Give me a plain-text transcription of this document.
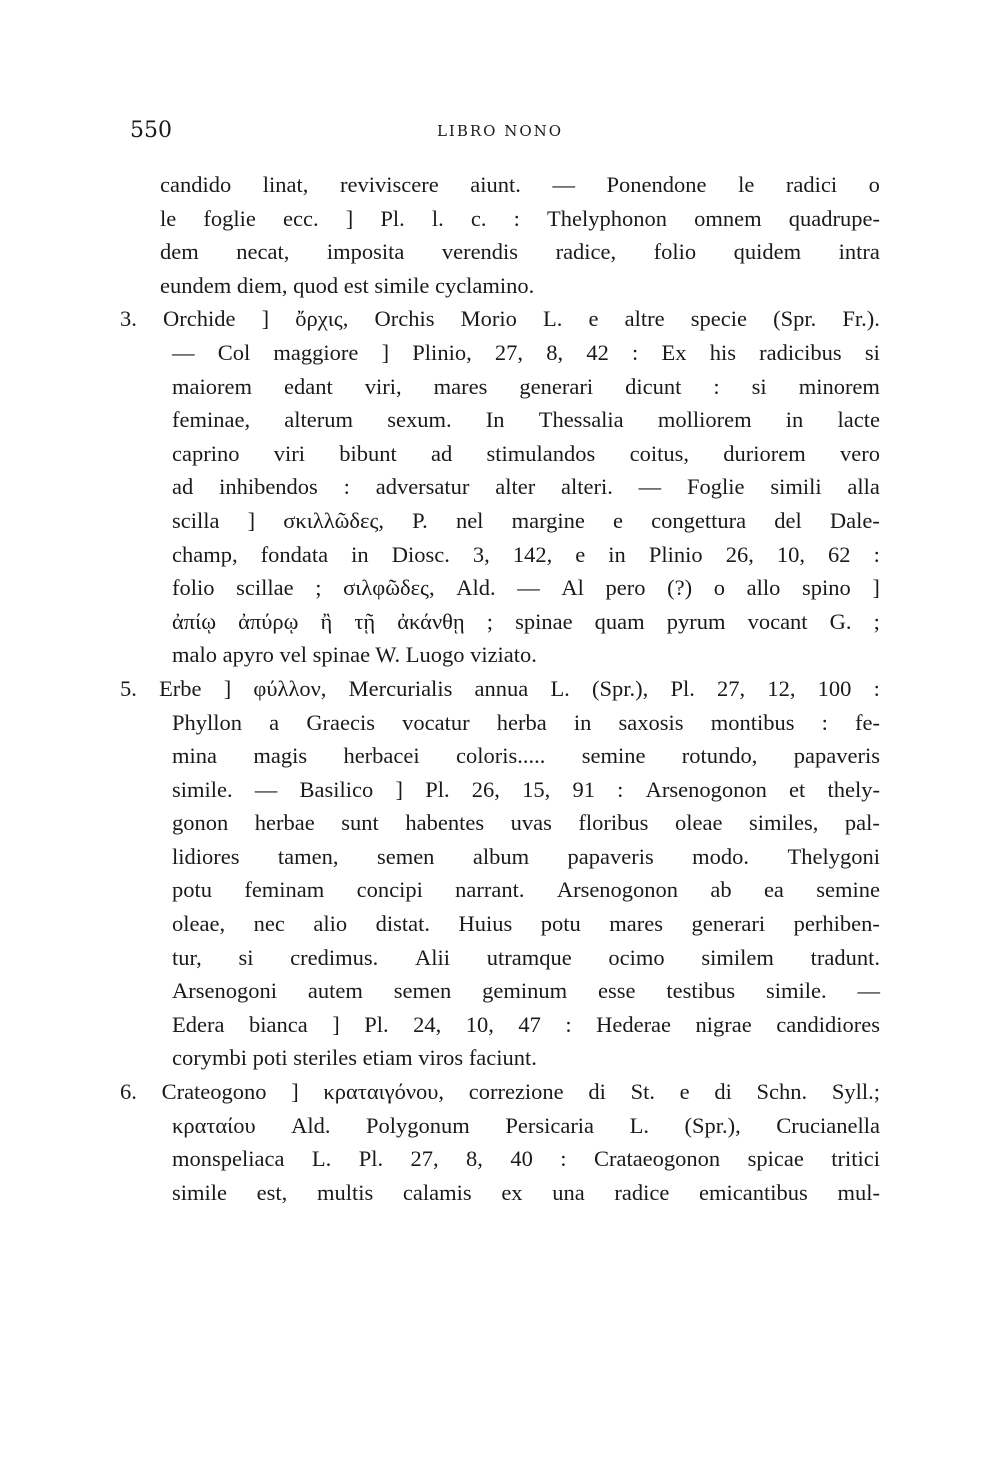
550	LIBRO NONO
candido linat, reviviscere aiunt. — Ponendone le radici o
le foglie ecc. ] Pl. l. c. : Thelyphonon omnem quadrupe-
dem necat, imposita verendis radice, folio quidem intra
eundem diem, quod est simile cyclamino.
3. Orchide ] ὄρχις, Orchis Morio L. e altre specie (Spr. Fr.).
— Col maggiore ] Plinio, 27, 8, 42 : Ex his radicibus si
maiorem edant viri, mares generari dicunt : si minorem
feminae, alterum sexum. In Thessalia molliorem in lacte
caprino viri bibunt ad stimulandos coitus, duriorem vero
ad inhibendos : adversatur alter alteri. — Foglie simili alla
scilla ] σκιλλῶδες, P. nel margine e congettura del Dale-
champ, fondata in Diosc. 3, 142, e in Plinio 26, 10, 62 :
folio scillae ; σιλφῶδες, Ald. — Al pero (?) o allo spino ]
ἀπίῳ ἀπύρῳ ἢ τῇ ἀκάνθῃ ; spinae quam pyrum vocant G. ;
malo apyro vel spinae W. Luogo viziato.
5. Erbe ] φύλλον, Mercurialis annua L. (Spr.), Pl. 27, 12, 100 :
Phyllon a Graecis vocatur herba in saxosis montibus : fe-
mina magis herbacei coloris..... semine rotundo, papaveris
simile. — Basilico ] Pl. 26, 15, 91 : Arsenogonon et thely-
gonon herbae sunt habentes uvas floribus oleae similes, pal-
lidiores tamen, semen album papaveris modo. Thelygoni
potu feminam concipi narrant. Arsenogonon ab ea semine
oleae, nec alio distat. Huius potu mares generari perhiben-
tur, si credimus. Alii utramque ocimo similem tradunt.
Arsenogoni autem semen geminum esse testibus simile. —
Edera bianca ] Pl. 24, 10, 47 : Hederae nigrae candidiores
corymbi poti steriles etiam viros faciunt.
6. Crateogono ] κραταιγόνου, correzione di St. e di Schn. Syll.;
κραταίου Ald. Polygonum Persicaria L. (Spr.), Crucianella
monspeliaca L. Pl. 27, 8, 40 : Crataeogonon spicae tritici
simile est, multis calamis ex una radice emicantibus mul-
